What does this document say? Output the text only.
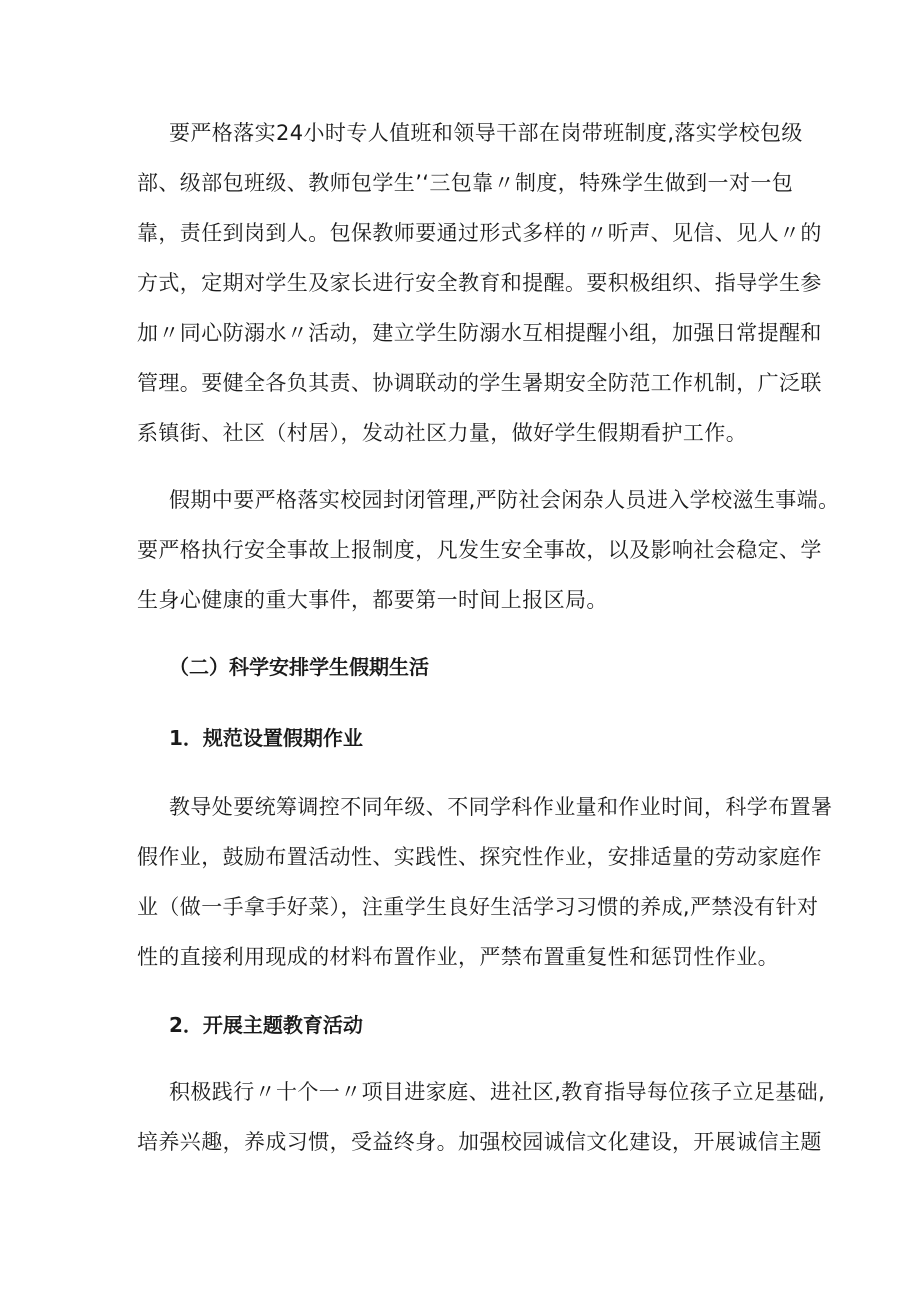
要严格落实24小时专人值班和领导干部在岗带班制度,落实学校包级
部、级部包班级、教师包学生’‘三包靠〃制度，特殊学生做到一对一包
靠，责任到岗到人。包保教师要通过形式多样的〃听声、见信、见人〃的
方式，定期对学生及家长进行安全教育和提醒。要积极组织、指导学生参
加〃同心防溺水〃活动，建立学生防溺水互相提醒小组，加强日常提醒和
管理。要健全各负其责、协调联动的学生暑期安全防范工作机制，广泛联
系镇街、社区（村居），发动社区力量，做好学生假期看护工作。
假期中要严格落实校园封闭管理,严防社会闲杂人员进入学校滋生事端。
要严格执行安全事故上报制度，凡发生安全事故，以及影响社会稳定、学
生身心健康的重大事件，都要第一时间上报区局。
（二）科学安排学生假期生活
1．规范设置假期作业
教导处要统筹调控不同年级、不同学科作业量和作业时间，科学布置暑
假作业，鼓励布置活动性、实践性、探究性作业，安排适量的劳动家庭作
业（做一手拿手好菜），注重学生良好生活学习习惯的养成,严禁没有针对
性的直接利用现成的材料布置作业，严禁布置重复性和惩罚性作业。
2．开展主题教育活动
积极践行〃十个一〃项目进家庭、进社区,教育指导每位孩子立足基础,
培养兴趣，养成习惯，受益终身。加强校园诚信文化建设，开展诚信主题
